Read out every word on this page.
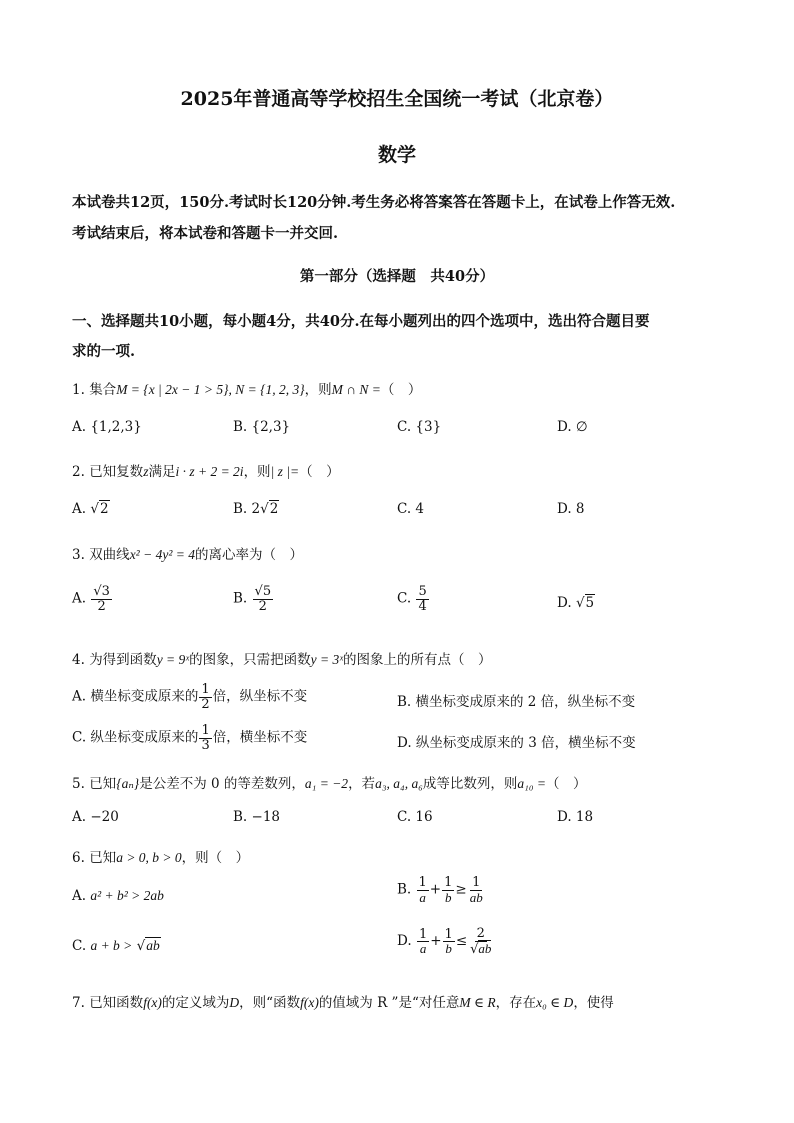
2025年普通高等学校招生全国统一考试（北京卷）
数学
本试卷共12页，150分.考试时长120分钟.考生务必将答案答在答题卡上，在试卷上作答无效.
考试结束后，将本试卷和答题卡一并交回.
第一部分（选择题　共40分）
一、选择题共10小题，每小题4分，共40分.在每小题列出的四个选项中，选出符合题目要
求的一项.
1. 集合M = {x | 2x − 1 > 5}, N = {1, 2, 3}，则M ∩ N =（　）
A. {1,2,3}	B. {2,3}	C. {3}	D. ∅
2. 已知复数z满足i · z + 2 = 2i，则| z |=（　）
A. √2	B. 2√2	C. 4	D. 8
3. 双曲线x² − 4y² = 4的离心率为（　）
A. $\frac{√3}{2}$	B. $\frac{√5}{2}$	C. $\frac{5}{4}$	D. √5
4. 为得到函数y = 9ˣ的图象，只需把函数y = 3ˣ的图象上的所有点（　）
A. 横坐标变成原来的 $\frac{1}{2}$ 倍，纵坐标不变	B. 横坐标变成原来的 2 倍，纵坐标不变
C. 纵坐标变成原来的 $\frac{1}{3}$ 倍，横坐标不变	D. 纵坐标变成原来的 3 倍，横坐标不变
5. 已知{aₙ}是公差不为 0 的等差数列，a₁ = −2，若a₃, a₄, a₆成等比数列，则a₁₀ =（　）
A. −20	B. −18	C. 16	D. 18
6. 已知a > 0, b > 0，则（　）
A. a² + b² > 2ab	B. $\frac{1}{a} + \frac{1}{b} \ge \frac{1}{ab}$
C. a + b > √ab	D. $\frac{1}{a} + \frac{1}{b} \le \frac{2}{√ab}$
7. 已知函数f(x)的定义域为D，则“函数f(x)的值域为 R ”是“对任意M ∈ R，存在x₀ ∈ D，使得
